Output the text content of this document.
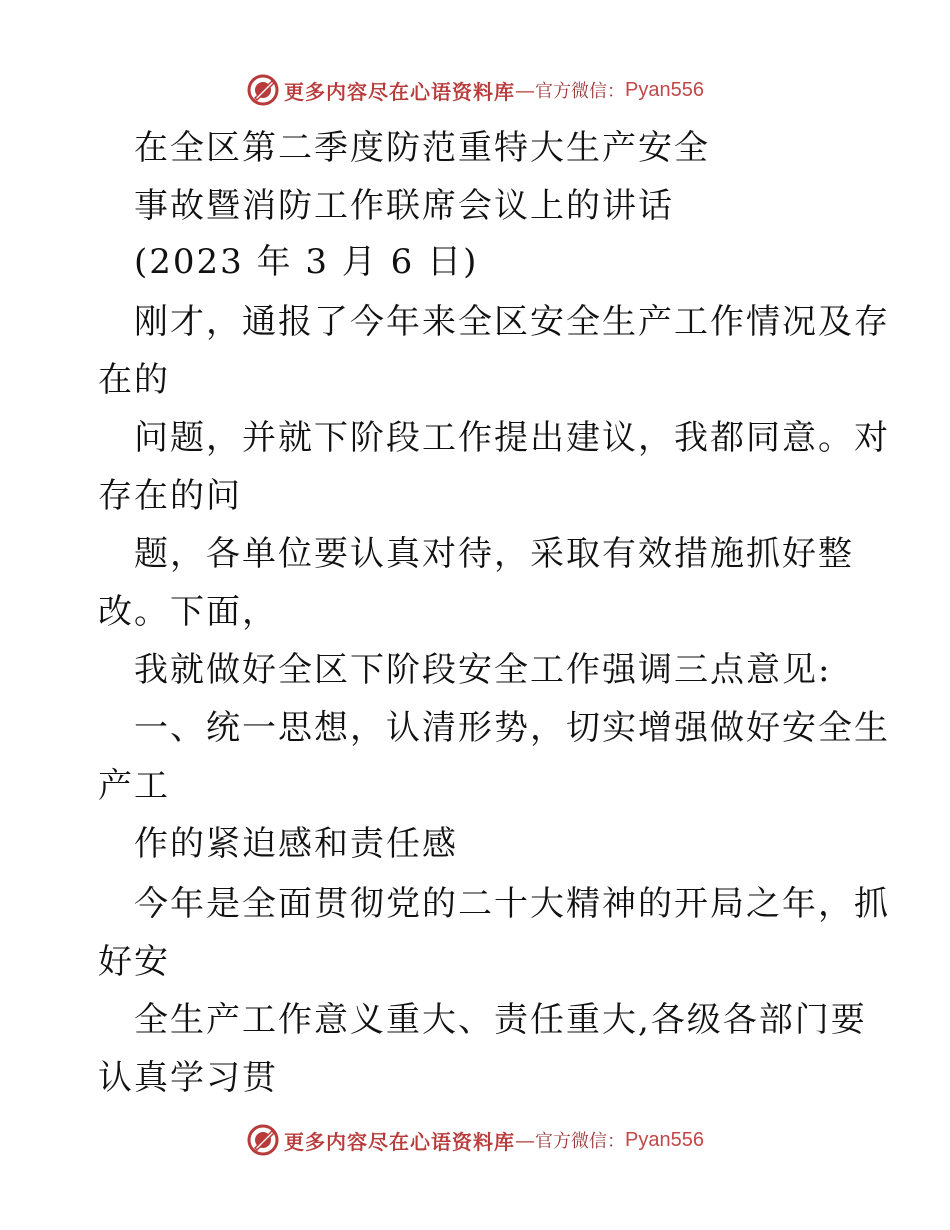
更多内容尽在心语资料库 — 官方微信： Pyan556
在全区第二季度防范重特大生产安全
事故暨消防工作联席会议上的讲话
(2023 年 3 月 6 日)
刚才，通报了今年来全区安全生产工作情况及存
在的
问题，并就下阶段工作提出建议，我都同意。对
存在的问
题，各单位要认真对待，采取有效措施抓好整
改。下面，
我就做好全区下阶段安全工作强调三点意见:
一、统一思想，认清形势，切实增强做好安全生
产工
作的紧迫感和责任感
今年是全面贯彻党的二十大精神的开局之年，抓
好安
全生产工作意义重大、责任重大,各级各部门要
认真学习贯
更多内容尽在心语资料库 — 官方微信： Pyan556
